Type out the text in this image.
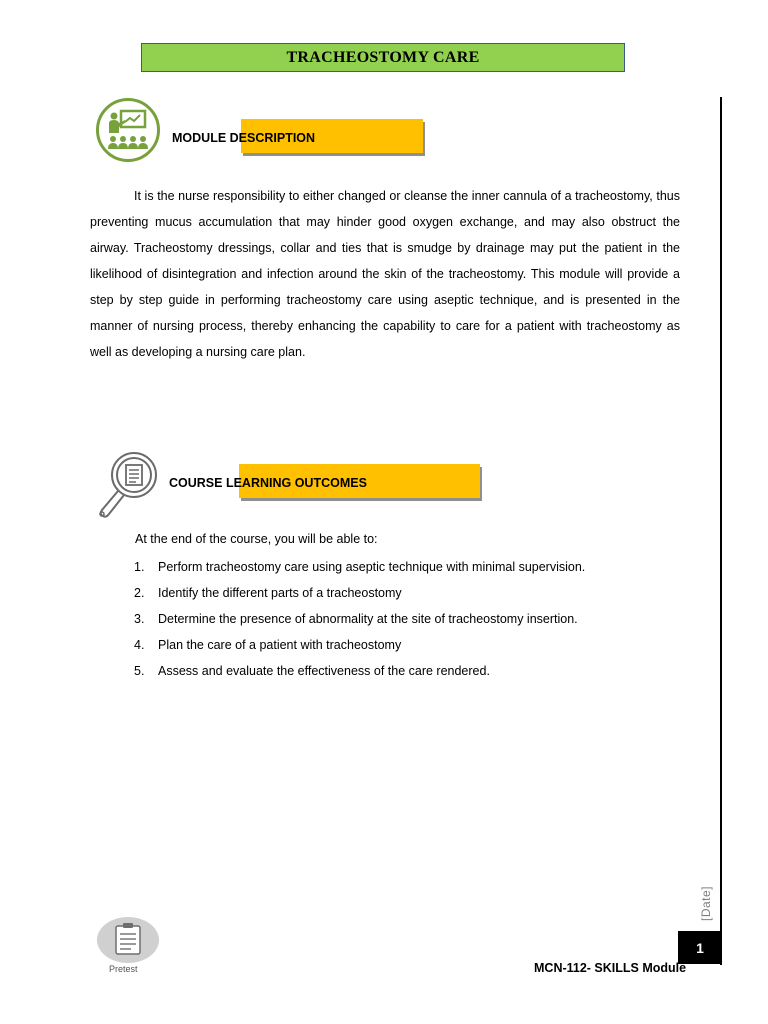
TRACHEOSTOMY CARE
MODULE DESCRIPTION
It is the nurse responsibility to either changed or cleanse the inner cannula of a tracheostomy, thus preventing mucus accumulation that may hinder good oxygen exchange, and may also obstruct the airway. Tracheostomy dressings, collar and ties that is smudge by drainage may put the patient in the likelihood of disintegration and infection around the skin of the tracheostomy. This module will provide a step by step guide in performing tracheostomy care using aseptic technique, and is presented in the manner of nursing process, thereby enhancing the capability to care for a patient with tracheostomy as well as developing a nursing care plan.
COURSE LEARNING OUTCOMES
At the end of the course, you will be able to:
1.	Perform tracheostomy care using aseptic technique with minimal supervision.
2.	Identify the different parts of a tracheostomy
3.	Determine the presence of abnormality at the site of tracheostomy insertion.
4.	Plan the care of a patient with tracheostomy
5.	Assess and evaluate the effectiveness of the care rendered.
[Date]
1
MCN-112- SKILLS Module
Pretest
